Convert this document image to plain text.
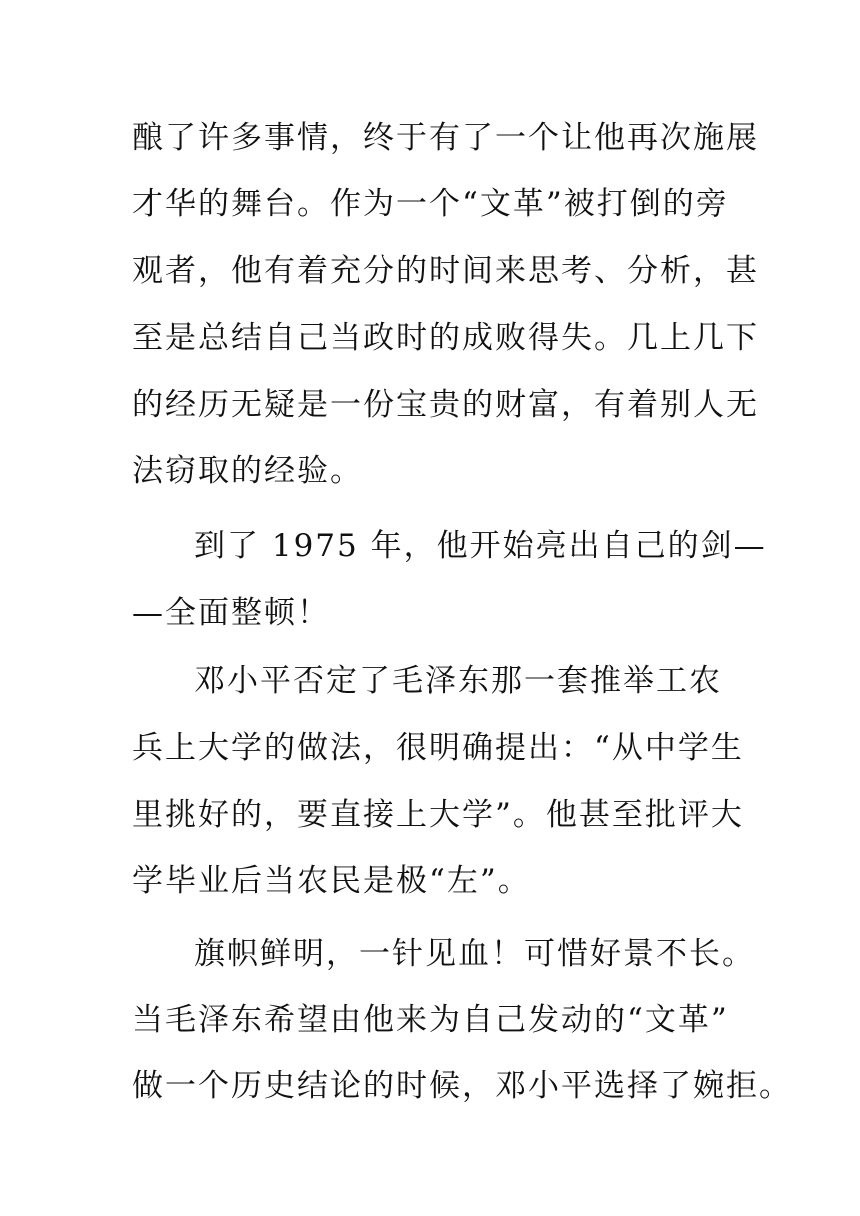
酿了许多事情，终于有了一个让他再次施展
才华的舞台。作为一个“文革”被打倒的旁
观者，他有着充分的时间来思考、分析，甚
至是总结自己当政时的成败得失。几上几下
的经历无疑是一份宝贵的财富，有着别人无
法窃取的经验。
到了 1975 年，他开始亮出自己的剑—
—全面整顿！
邓小平否定了毛泽东那一套推举工农
兵上大学的做法，很明确提出：“从中学生
里挑好的，要直接上大学”。他甚至批评大
学毕业后当农民是极“左”。
旗帜鲜明，一针见血！可惜好景不长。
当毛泽东希望由他来为自己发动的“文革”
做一个历史结论的时候，邓小平选择了婉拒。
